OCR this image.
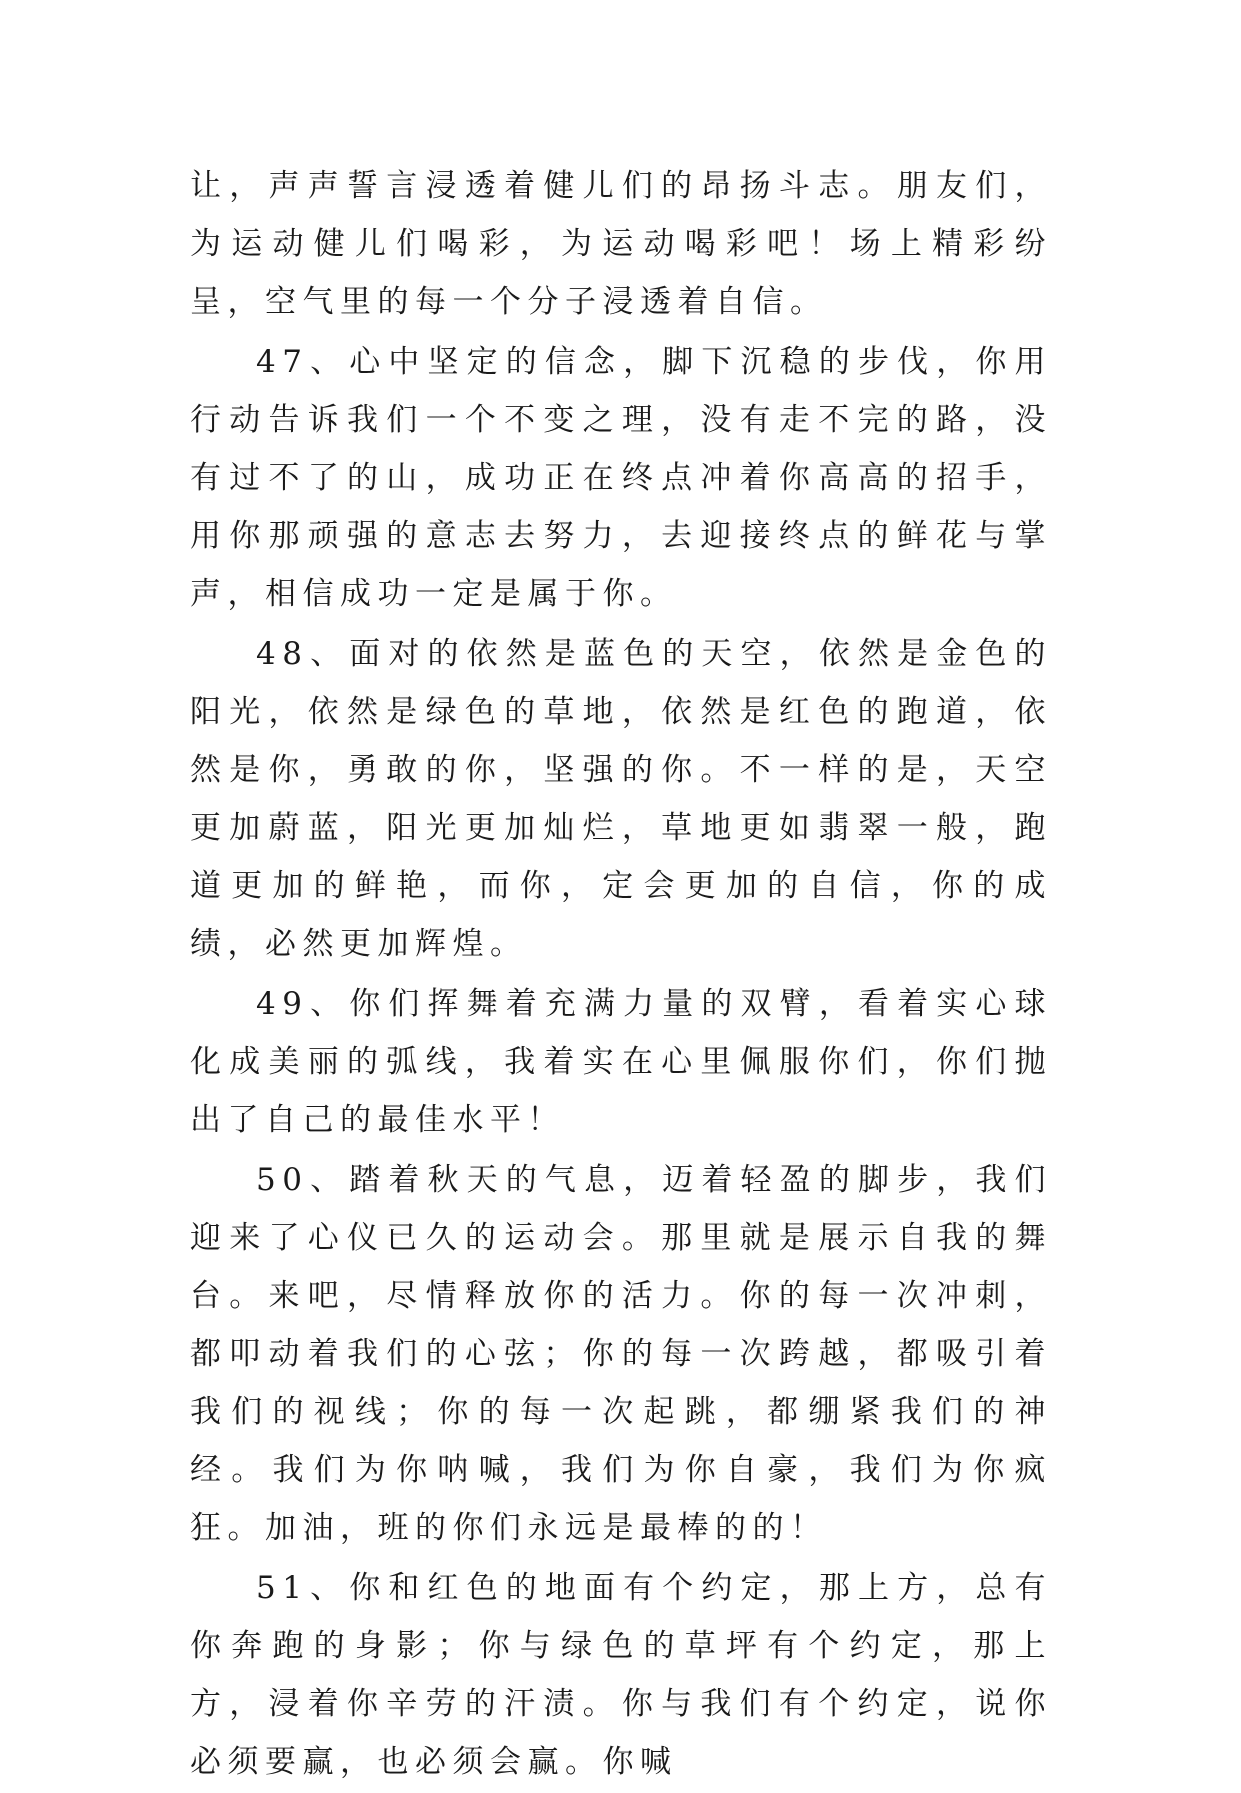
让，声声誓言浸透着健儿们的昂扬斗志。朋友们，为运动健儿们喝彩，为运动喝彩吧！场上精彩纷呈，空气里的每一个分子浸透着自信。

47、心中坚定的信念，脚下沉稳的步伐，你用行动告诉我们一个不变之理，没有走不完的路，没有过不了的山，成功正在终点冲着你高高的招手，用你那顽强的意志去努力，去迎接终点的鲜花与掌声，相信成功一定是属于你。

48、面对的依然是蓝色的天空，依然是金色的阳光，依然是绿色的草地，依然是红色的跑道，依然是你，勇敢的你，坚强的你。不一样的是，天空更加蔚蓝，阳光更加灿烂，草地更如翡翠一般，跑道更加的鲜艳，而你，定会更加的自信，你的成绩，必然更加辉煌。

49、你们挥舞着充满力量的双臂，看着实心球化成美丽的弧线，我着实在心里佩服你们，你们抛出了自己的最佳水平！

50、踏着秋天的气息，迈着轻盈的脚步，我们迎来了心仪已久的运动会。那里就是展示自我的舞台。来吧，尽情释放你的活力。你的每一次冲刺，都叩动着我们的心弦；你的每一次跨越，都吸引着我们的视线；你的每一次起跳，都绷紧我们的神经。我们为你呐喊，我们为你自豪，我们为你疯狂。加油，班的你们永远是最棒的的！

51、你和红色的地面有个约定，那上方，总有你奔跑的身影；你与绿色的草坪有个约定，那上方，浸着你辛劳的汗渍。你与我们有个约定，说你必须要赢，也必须会赢。你喊
